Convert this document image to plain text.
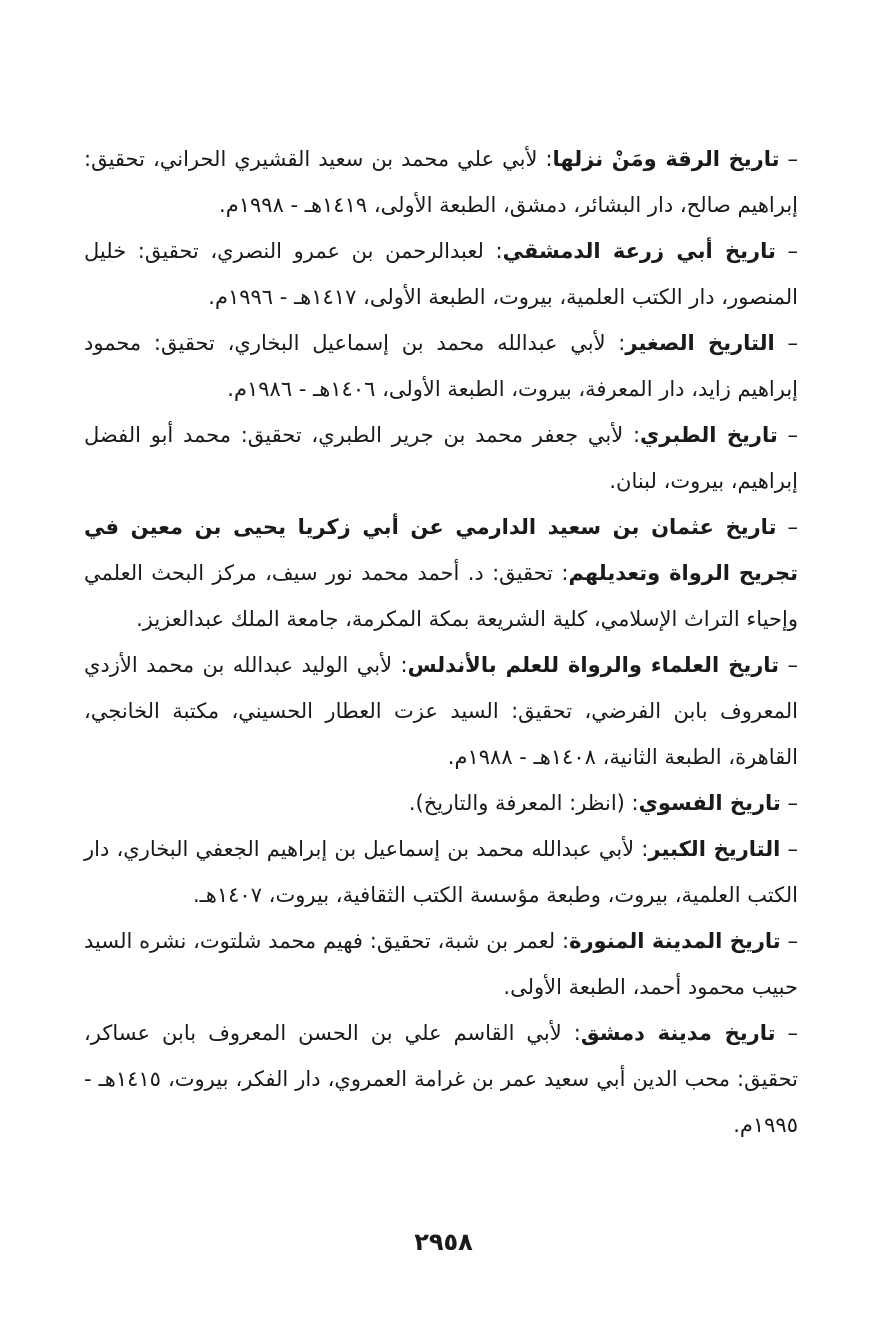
– تاريخ الرقة ومَنْ نزلها: لأبي علي محمد بن سعيد القشيري الحراني، تحقيق: إبراهيم صالح، دار البشائر، دمشق، الطبعة الأولى، ١٤١٩هـ - ١٩٩٨م.

– تاريخ أبي زرعة الدمشقي: لعبدالرحمن بن عمرو النصري، تحقيق: خليل المنصور، دار الكتب العلمية، بيروت، الطبعة الأولى، ١٤١٧هـ - ١٩٩٦م.

– التاريخ الصغير: لأبي عبدالله محمد بن إسماعيل البخاري، تحقيق: محمود إبراهيم زايد، دار المعرفة، بيروت، الطبعة الأولى، ١٤٠٦هـ - ١٩٨٦م.

– تاريخ الطبري: لأبي جعفر محمد بن جرير الطبري، تحقيق: محمد أبو الفضل إبراهيم، بيروت، لبنان.

– تاريخ عثمان بن سعيد الدارمي عن أبي زكريا يحيى بن معين في تجريح الرواة وتعديلهم: تحقيق: د. أحمد محمد نور سيف، مركز البحث العلمي وإحياء التراث الإسلامي، كلية الشريعة بمكة المكرمة، جامعة الملك عبدالعزيز.

– تاريخ العلماء والرواة للعلم بالأندلس: لأبي الوليد عبدالله بن محمد الأزدي المعروف بابن الفرضي، تحقيق: السيد عزت العطار الحسيني، مكتبة الخانجي، القاهرة، الطبعة الثانية، ١٤٠٨هـ - ١٩٨٨م.

– تاريخ الفسوي: (انظر: المعرفة والتاريخ).

– التاريخ الكبير: لأبي عبدالله محمد بن إسماعيل بن إبراهيم الجعفي البخاري، دار الكتب العلمية، بيروت، وطبعة مؤسسة الكتب الثقافية، بيروت، ١٤٠٧هـ.

– تاريخ المدينة المنورة: لعمر بن شبة، تحقيق: فهيم محمد شلتوت، نشره السيد حبيب محمود أحمد، الطبعة الأولى.

– تاريخ مدينة دمشق: لأبي القاسم علي بن الحسن المعروف بابن عساكر، تحقيق: محب الدين أبي سعيد عمر بن غرامة العمروي، دار الفكر، بيروت، ١٤١٥هـ - ١٩٩٥م.

٢٩٥٨
